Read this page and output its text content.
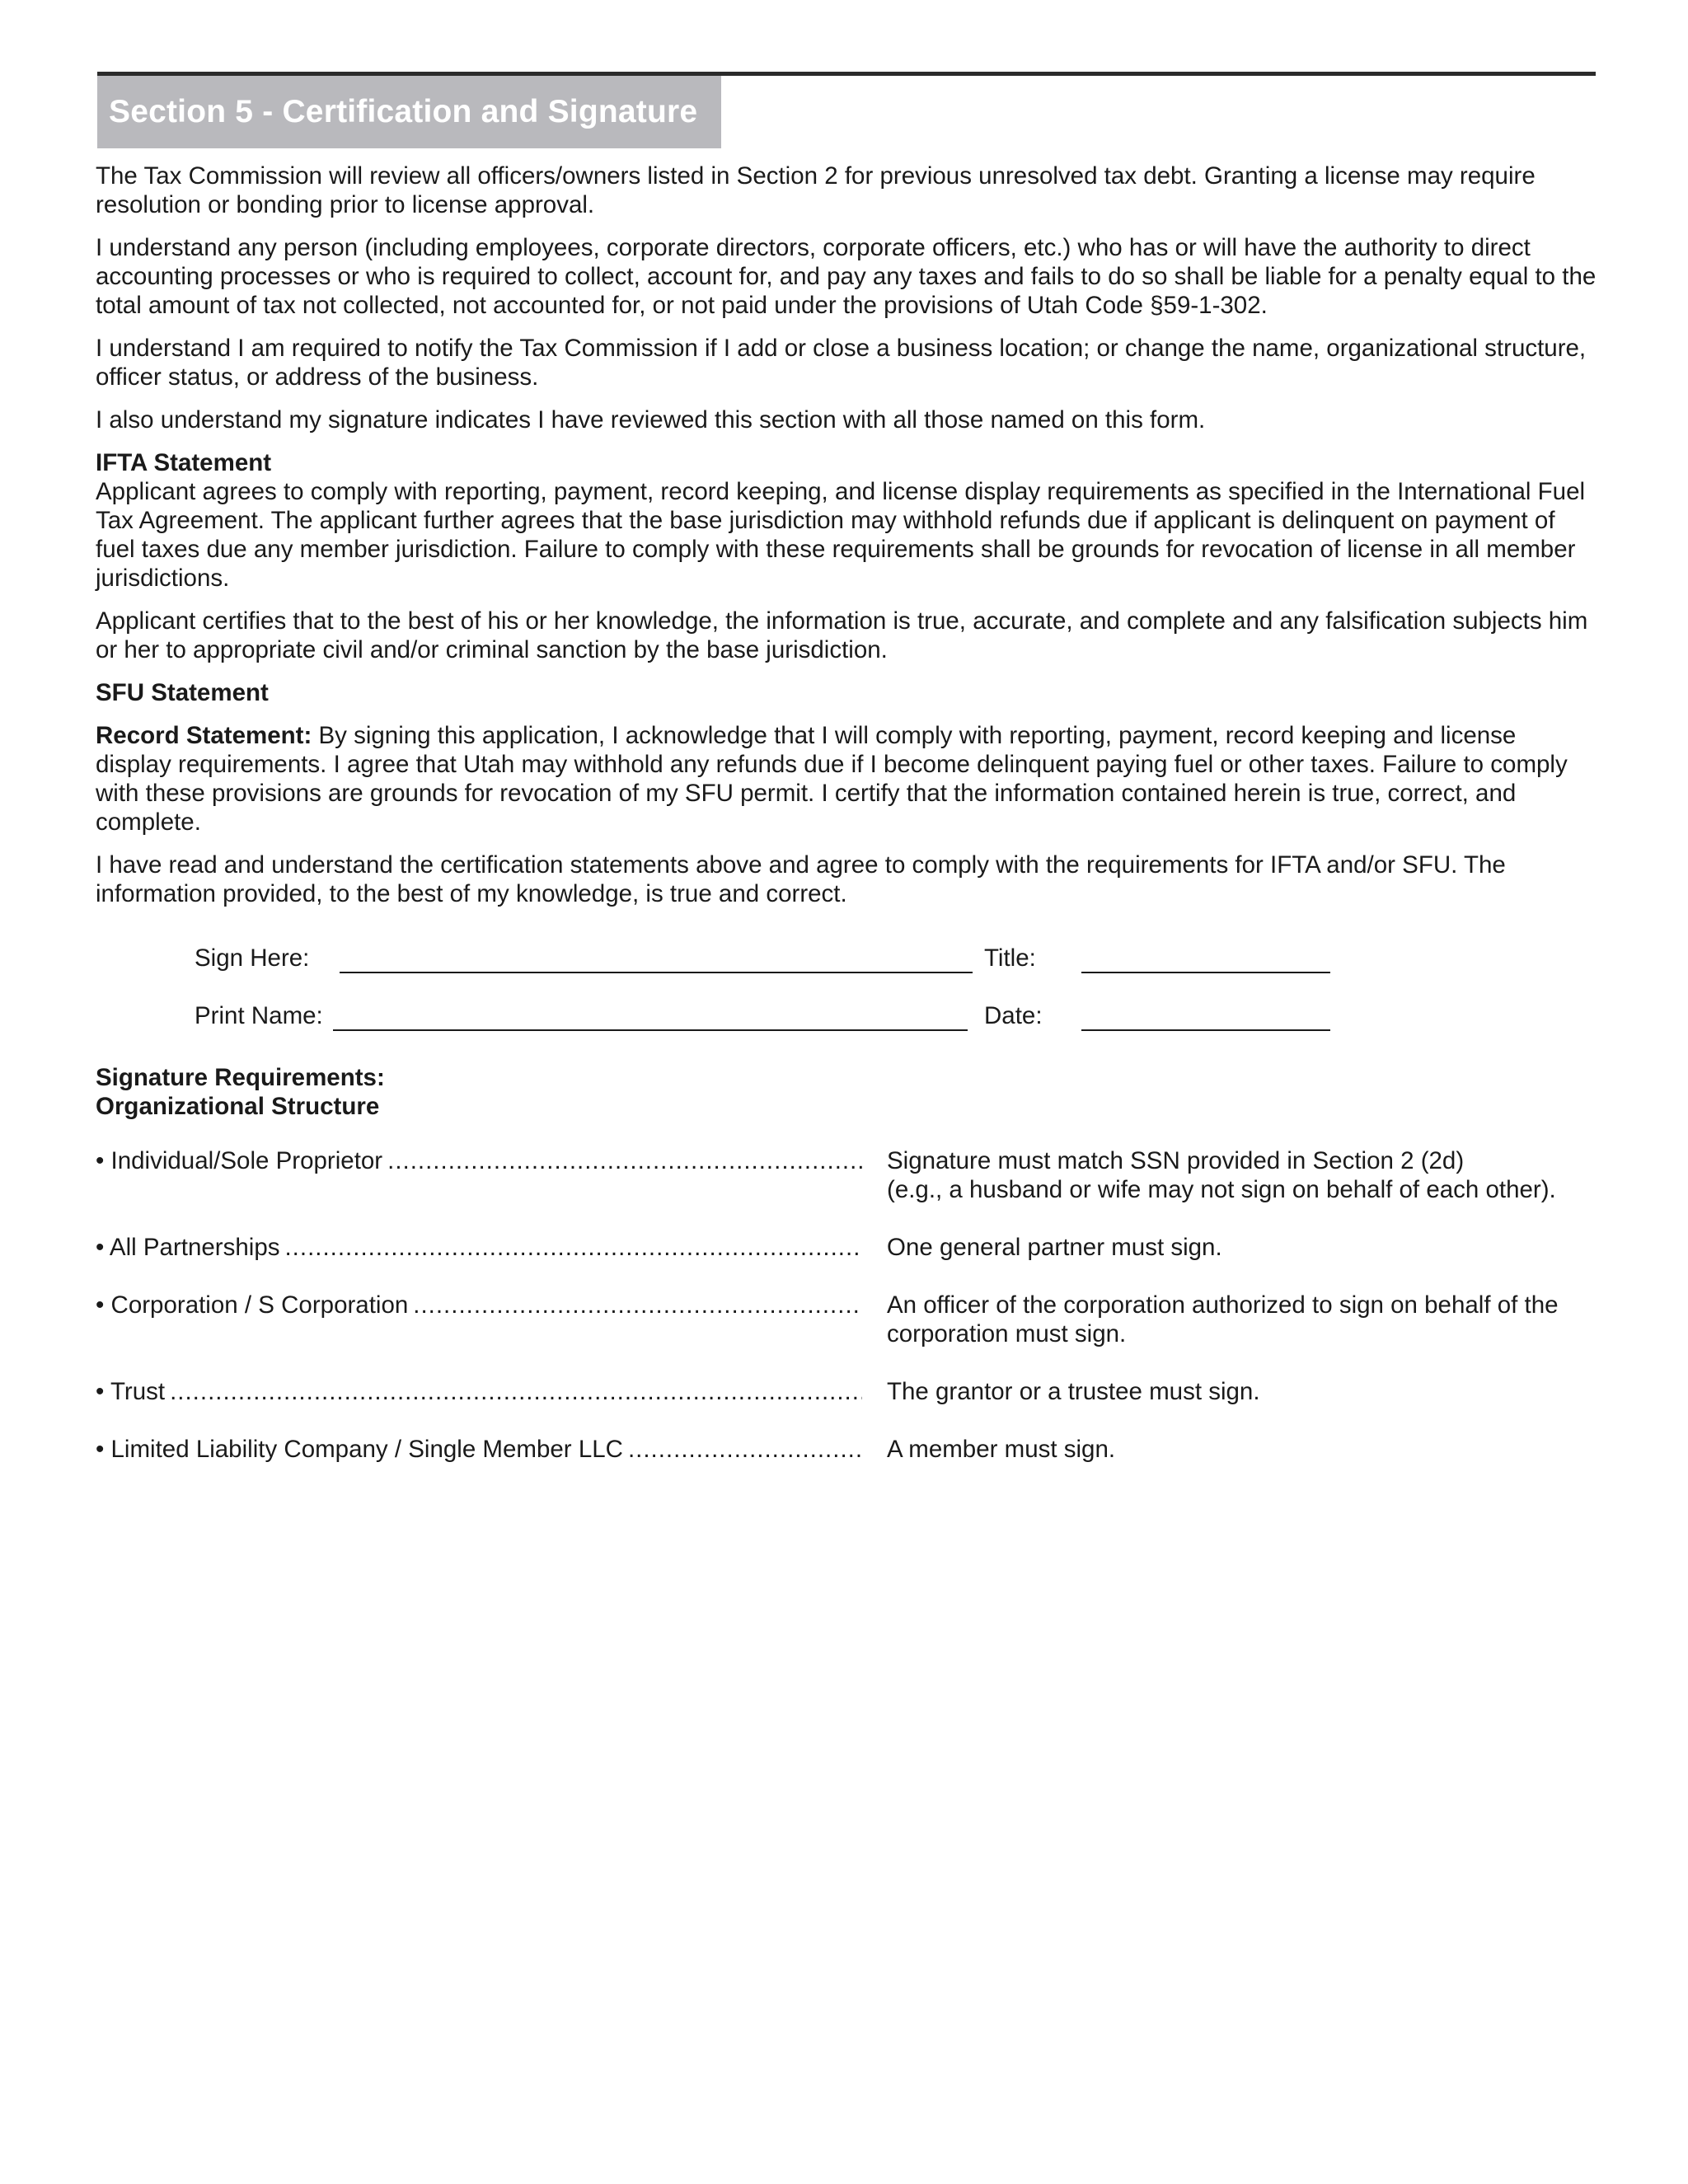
Section 5 - Certification and Signature

The Tax Commission will review all officers/owners listed in Section 2 for previous unresolved tax debt. Granting a license may require resolution or bonding prior to license approval.

I understand any person (including employees, corporate directors, corporate officers, etc.) who has or will have the authority to direct accounting processes or who is required to collect, account for, and pay any taxes and fails to do so shall be liable for a penalty equal to the total amount of tax not collected, not accounted for, or not paid under the provisions of Utah Code §59-1-302.

I understand I am required to notify the Tax Commission if I add or close a business location; or change the name, organizational structure, officer status, or address of the business.

I also understand my signature indicates I have reviewed this section with all those named on this form.

IFTA Statement

Applicant agrees to comply with reporting, payment, record keeping, and license display requirements as specified in the International Fuel Tax Agreement. The applicant further agrees that the base jurisdiction may withhold refunds due if applicant is delinquent on payment of fuel taxes due any member jurisdiction. Failure to comply with these requirements shall be grounds for revocation of license in all member jurisdictions.

Applicant certifies that to the best of his or her knowledge, the information is true, accurate, and complete and any falsification subjects him or her to appropriate civil and/or criminal sanction by the base jurisdiction.

SFU Statement

Record Statement: By signing this application, I acknowledge that I will comply with reporting, payment, record keeping and license display requirements. I agree that Utah may withhold any refunds due if I become delinquent paying fuel or other taxes. Failure to comply with these provisions are grounds for revocation of my SFU permit. I certify that the information contained herein is true, correct, and complete.

I have read and understand the certification statements above and agree to comply with the requirements for IFTA and/or SFU. The information provided, to the best of my knowledge, is true and correct.

Sign Here:	Title:
Print Name:	Date:
Signature Requirements:
Organizational Structure
• Individual/Sole Proprietor .....	Signature must match SSN provided in Section 2 (2d)
(e.g., a husband or wife may not sign on behalf of each other).
• All Partnerships .....	One general partner must sign.
• Corporation / S Corporation .....	An officer of the corporation authorized to sign on behalf of the
corporation must sign.
• Trust .....	The grantor or a trustee must sign.
• Limited Liability Company / Single Member LLC .....	A member must sign.
